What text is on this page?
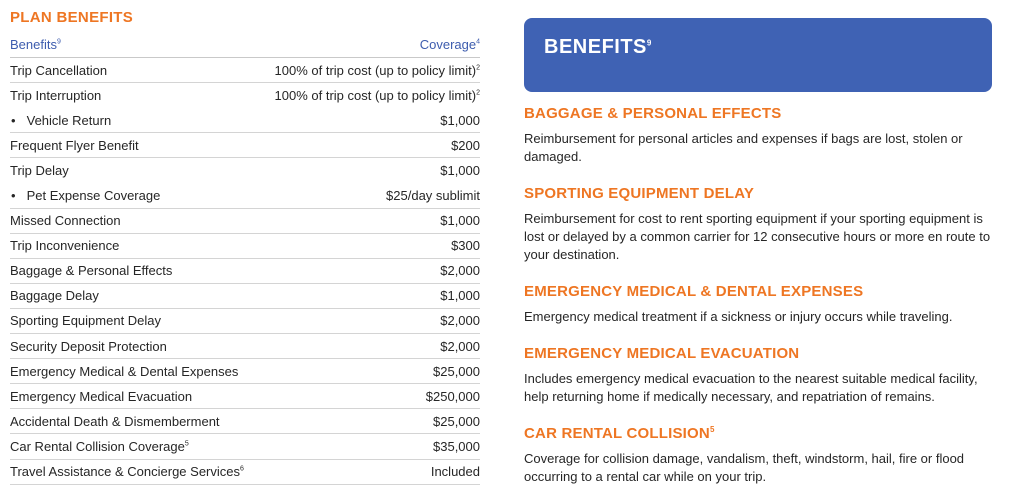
PLAN BENEFITS
Benefits$^9$	Coverage$^4$
Trip Cancellation	100% of trip cost (up to policy limit)$^2$
Trip Interruption	100% of trip cost (up to policy limit)$^2$
• Vehicle Return	$1,000
Frequent Flyer Benefit	$200
Trip Delay	$1,000
• Pet Expense Coverage	$25/day sublimit
Missed Connection	$1,000
Trip Inconvenience	$300
Baggage & Personal Effects	$2,000
Baggage Delay	$1,000
Sporting Equipment Delay	$2,000
Security Deposit Protection	$2,000
Emergency Medical & Dental Expenses	$25,000
Emergency Medical Evacuation	$250,000
Accidental Death & Dismemberment	$25,000
Car Rental Collision Coverage$^5$	$35,000
Travel Assistance & Concierge Services$^6$	Included
BENEFITS$^9$
BAGGAGE & PERSONAL EFFECTS
Reimbursement for personal articles and expenses if bags are lost, stolen or damaged.
SPORTING EQUIPMENT DELAY
Reimbursement for cost to rent sporting equipment if your sporting equipment is lost or delayed by a common carrier for 12 consecutive hours or more en route to your destination.
EMERGENCY MEDICAL & DENTAL EXPENSES
Emergency medical treatment if a sickness or injury occurs while traveling.
EMERGENCY MEDICAL EVACUATION
Includes emergency medical evacuation to the nearest suitable medical facility, help returning home if medically necessary, and repatriation of remains.
CAR RENTAL COLLISION$^5$
Coverage for collision damage, vandalism, theft, windstorm, hail, fire or flood occurring to a rental car while on your trip.
